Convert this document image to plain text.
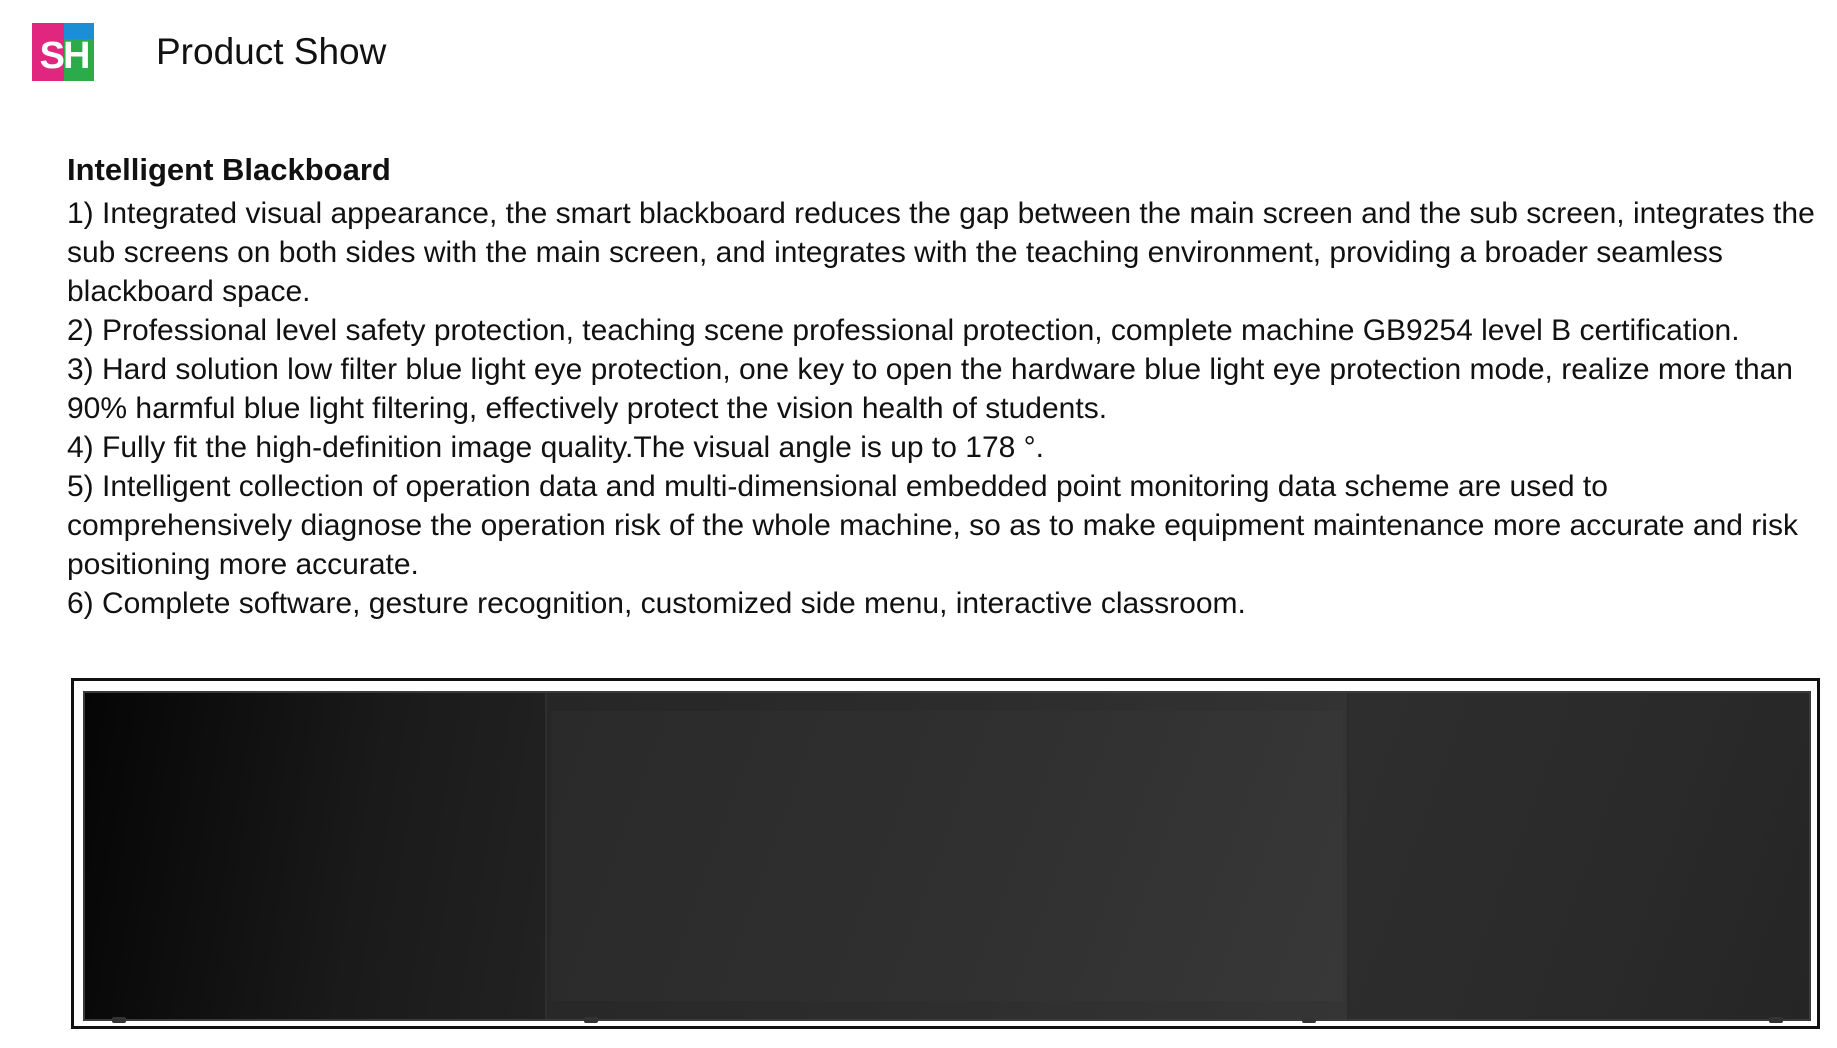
SH Product Show

Intelligent Blackboard

1) Integrated visual appearance, the smart blackboard reduces the gap between the main screen and the sub screen, integrates the sub screens on both sides with the main screen, and integrates with the teaching environment, providing a broader seamless blackboard space.

2) Professional level safety protection, teaching scene professional protection, complete machine GB9254 level B certification.

3) Hard solution low filter blue light eye protection, one key to open the hardware blue light eye protection mode, realize more than 90% harmful blue light filtering, effectively protect the vision health of students.

4) Fully fit the high-definition image quality.The visual angle is up to 178 °.

5) Intelligent collection of operation data and multi-dimensional embedded point monitoring data scheme are used to comprehensively diagnose the operation risk of the whole machine, so as to make equipment maintenance more accurate and risk positioning more accurate.

6) Complete software, gesture recognition, customized side menu, interactive classroom.
